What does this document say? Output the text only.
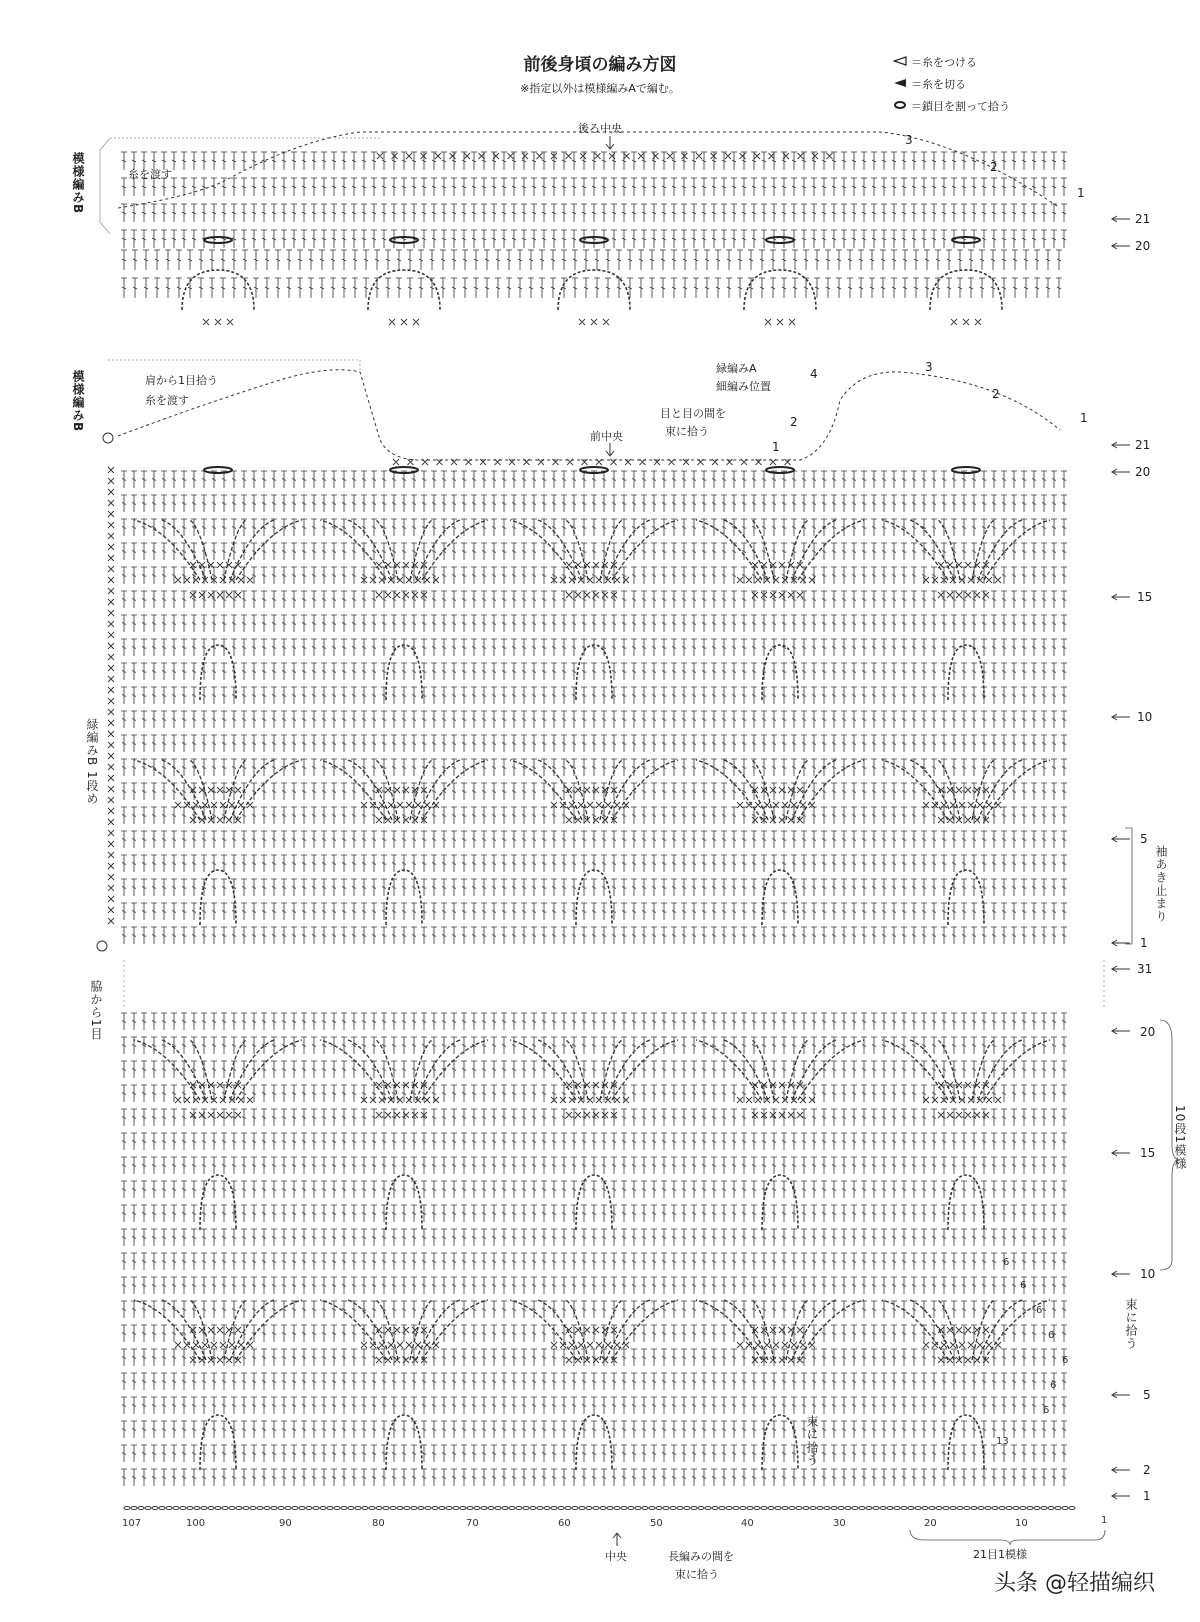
前後身頃の編み方図
※指定以外は模様編みAで編む。
＝糸をつける
＝糸を切る
＝鎖目を割って拾う
模様編みB	糸を渡す
後ろ中央
3
2
1
21
20
模様編みB	肩から1目拾う
糸を渡す
前中央
目と目の間を
束に拾う
緑編みA
細編み位置
4
1
2
3
2
1
21
20
15
10
5
1
31
袖あき止まり
緑編みB 1段め
脇から1目	20
15
10
5
2
1
10段1模様
束に拾う
束に拾う
6
6
6
6
6
6
6
13
107	100	90	80	70	60	50	40	30	20	10	1
中央	長編みの間を
束に拾う
21目1模様
头条 @轻描编织
